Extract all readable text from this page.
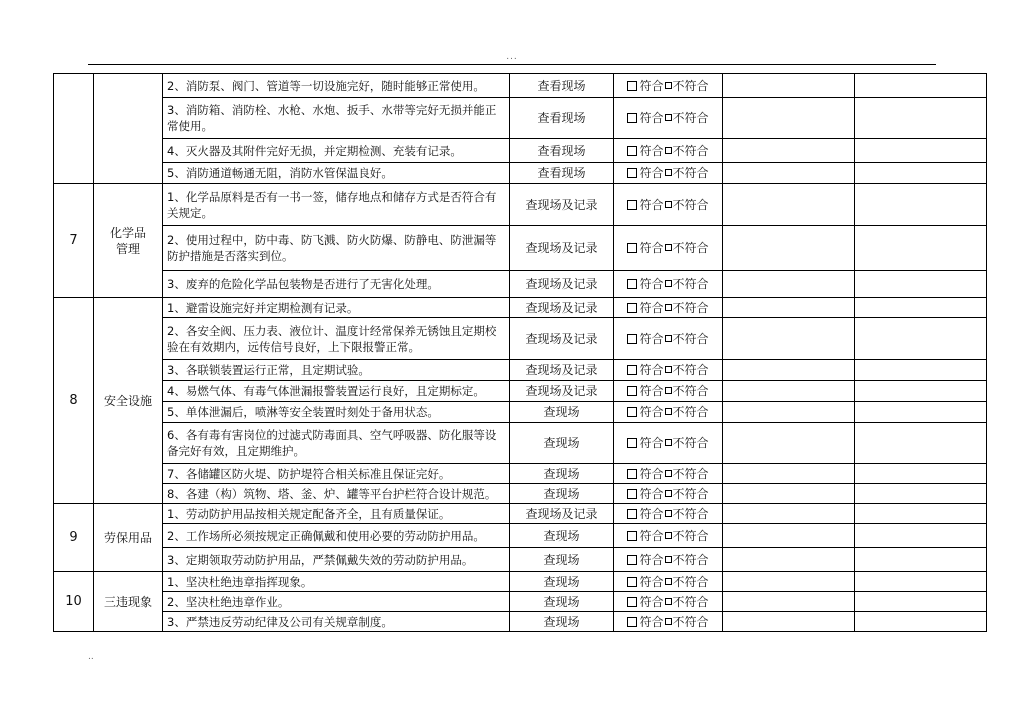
...
		2、消防泵、阀门、管道等一切设施完好，随时能够正常使用。	查看现场	符合 不符合		
		3、消防箱、消防栓、水枪、水炮、扳手、水带等完好无损并能正常使用。	查看现场	符合 不符合		
		4、灭火器及其附件完好无损，并定期检测、充装有记录。	查看现场	符合 不符合		
		5、消防通道畅通无阻，消防水管保温良好。	查看现场	符合 不符合		
7	化学品管理	1、化学品原料是否有一书一签，储存地点和储存方式是否符合有关规定。	查现场及记录	符合 不符合		
		2、使用过程中，防中毒、防飞溅、防火防爆、防静电、防泄漏等防护措施是否落实到位。	查现场及记录	符合 不符合		
		3、废弃的危险化学品包装物是否进行了无害化处理。	查现场及记录	符合 不符合		
8	安全设施	1、避雷设施完好并定期检测有记录。	查现场及记录	符合 不符合		
		2、各安全阀、压力表、液位计、温度计经常保养无锈蚀且定期校验在有效期内，远传信号良好，上下限报警正常。	查现场及记录	符合 不符合		
		3、各联锁装置运行正常，且定期试验。	查现场及记录	符合 不符合		
		4、易燃气体、有毒气体泄漏报警装置运行良好，且定期标定。	查现场及记录	符合 不符合		
		5、单体泄漏后，喷淋等安全装置时刻处于备用状态。	查现场	符合 不符合		
		6、各有毒有害岗位的过滤式防毒面具、空气呼吸器、防化服等设备完好有效，且定期维护。	查现场	符合 不符合		
		7、各储罐区防火堤、防护堤符合相关标准且保证完好。	查现场	符合 不符合		
		8、各建（构）筑物、塔、釜、炉、罐等平台护栏符合设计规范。	查现场	符合 不符合		
9	劳保用品	1、劳动防护用品按相关规定配备齐全，且有质量保证。	查现场及记录	符合 不符合		
		2、工作场所必须按规定正确佩戴和使用必要的劳动防护用品。	查现场	符合 不符合		
		3、定期领取劳动防护用品，严禁佩戴失效的劳动防护用品。	查现场	符合 不符合		
10	三违现象	1、坚决杜绝违章指挥现象。	查现场	符合 不符合		
		2、坚决杜绝违章作业。	查现场	符合 不符合		
		3、严禁违反劳动纪律及公司有关规章制度。	查现场	符合 不符合		
..
